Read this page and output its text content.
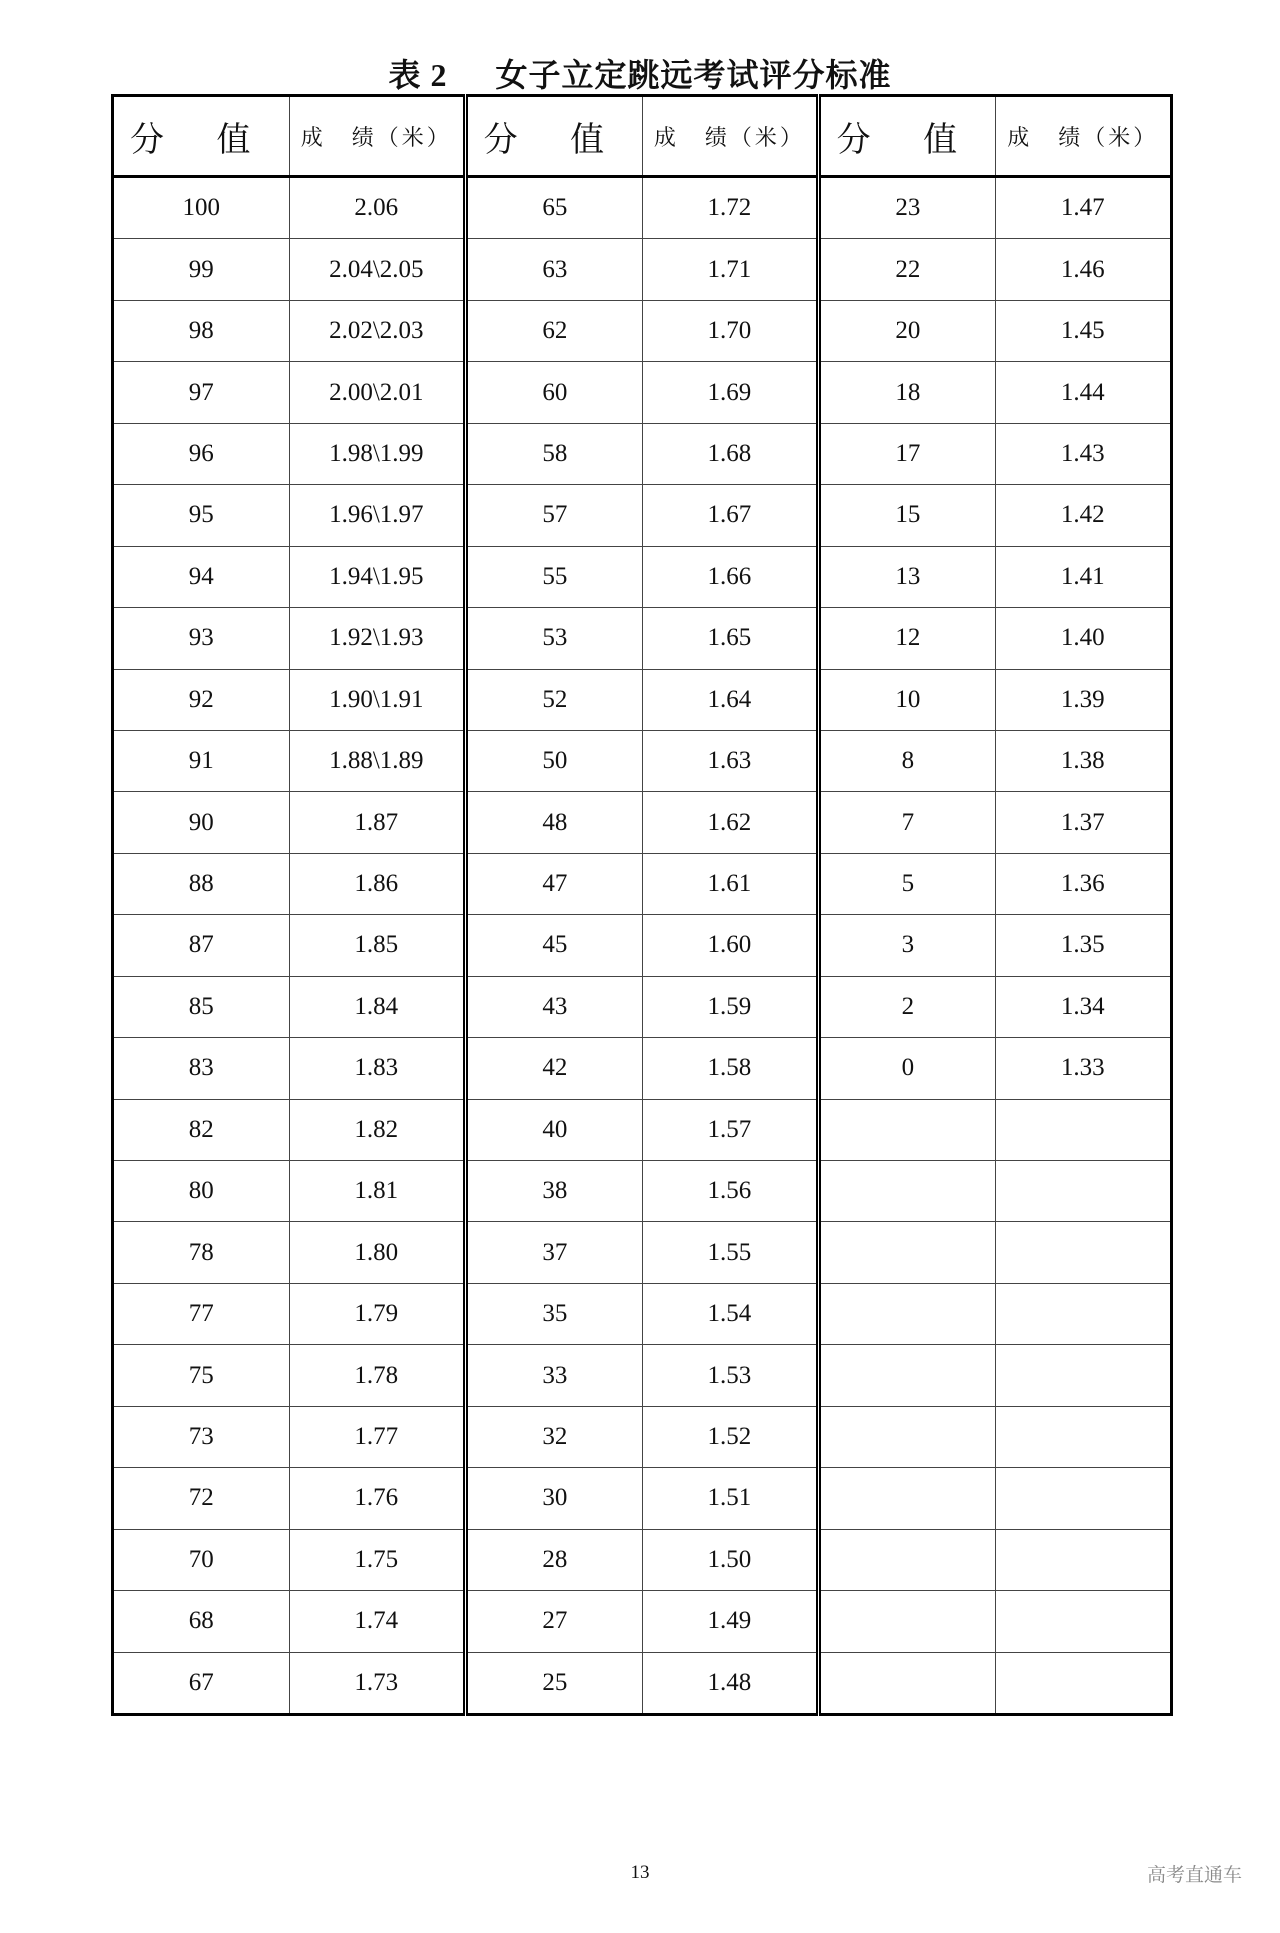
表 2 女子立定跳远考试评分标准
分 值	成 绩（米）	分 值	成 绩（米）	分 值	成 绩（米）
100	2.06	65	1.72	23	1.47
99	2.04\2.05	63	1.71	22	1.46
98	2.02\2.03	62	1.70	20	1.45
97	2.00\2.01	60	1.69	18	1.44
96	1.98\1.99	58	1.68	17	1.43
95	1.96\1.97	57	1.67	15	1.42
94	1.94\1.95	55	1.66	13	1.41
93	1.92\1.93	53	1.65	12	1.40
92	1.90\1.91	52	1.64	10	1.39
91	1.88\1.89	50	1.63	8	1.38
90	1.87	48	1.62	7	1.37
88	1.86	47	1.61	5	1.36
87	1.85	45	1.60	3	1.35
85	1.84	43	1.59	2	1.34
83	1.83	42	1.58	0	1.33
82	1.82	40	1.57		
80	1.81	38	1.56		
78	1.80	37	1.55		
77	1.79	35	1.54		
75	1.78	33	1.53		
73	1.77	32	1.52		
72	1.76	30	1.51		
70	1.75	28	1.50		
68	1.74	27	1.49		
67	1.73	25	1.48		
13	高考直通车
